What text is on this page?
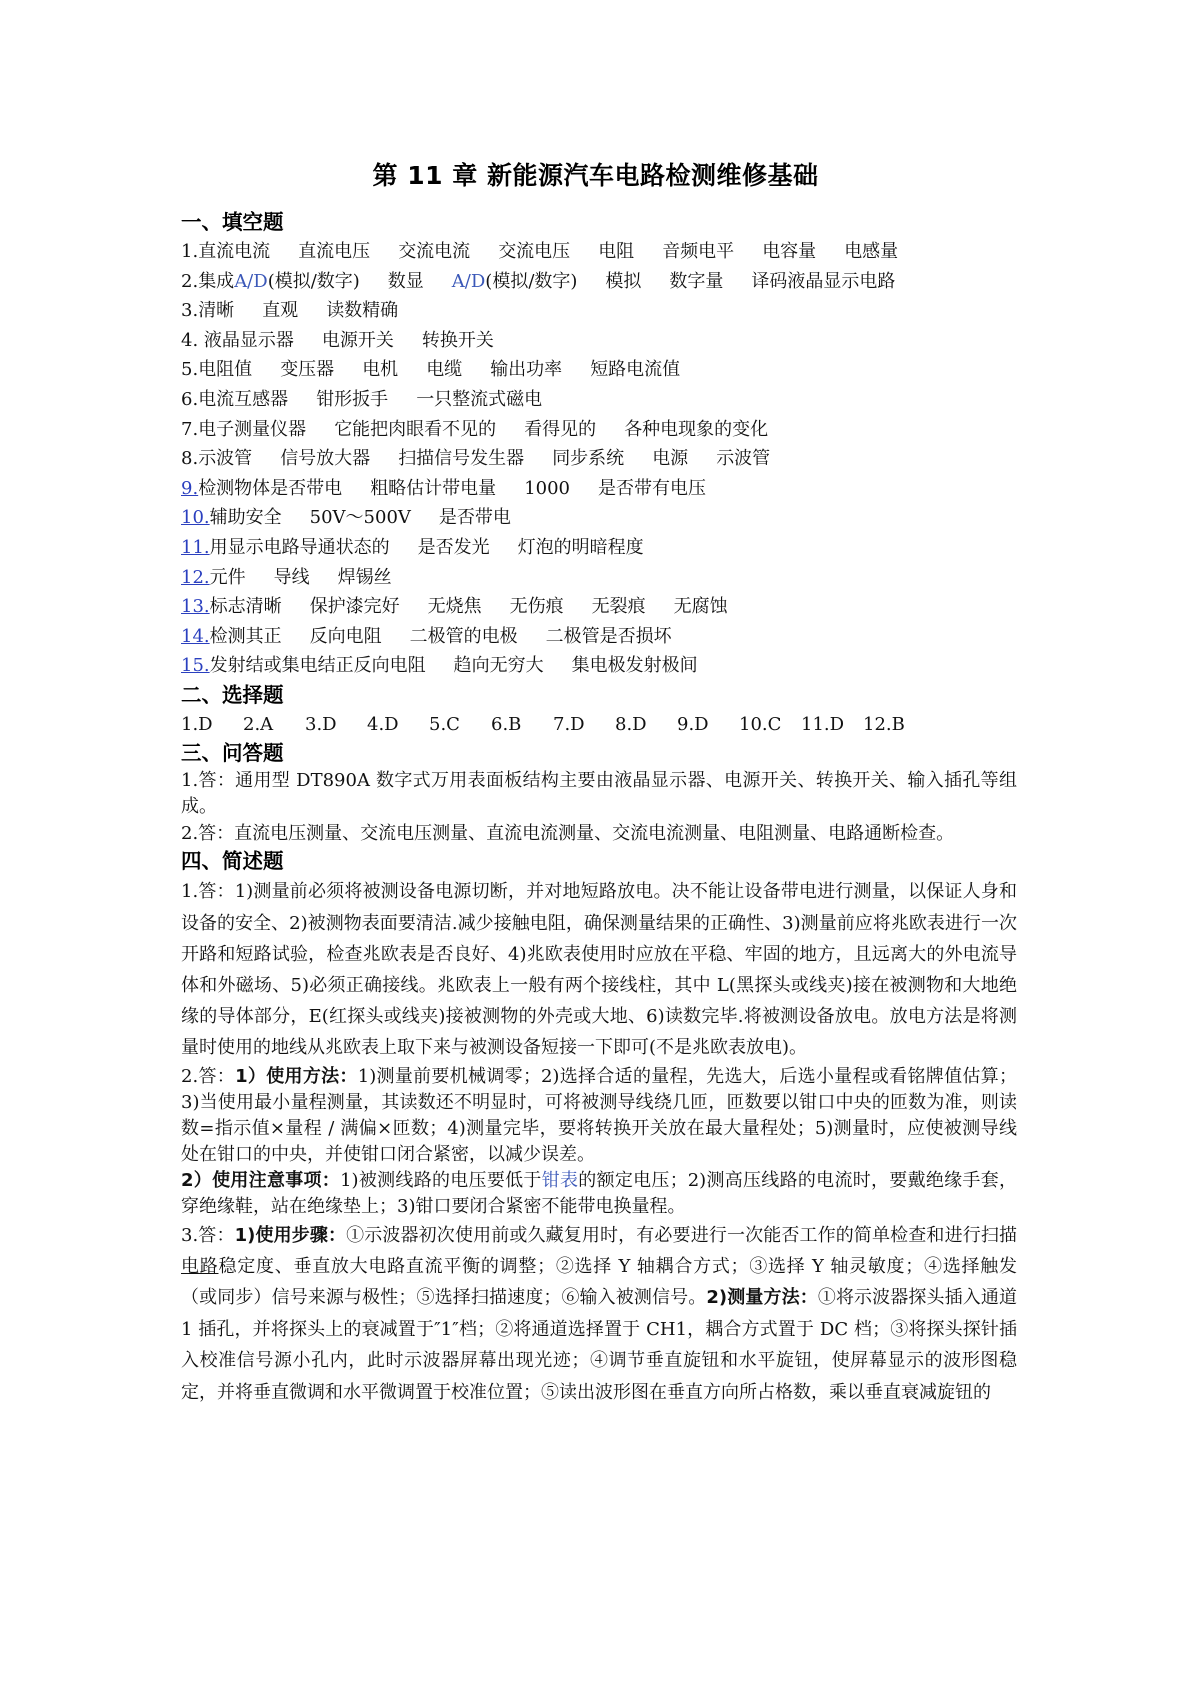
第 11 章 新能源汽车电路检测维修基础
一、填空题
1.直流电流 直流电压 交流电流 交流电压 电阻 音频电平 电容量 电感量
2.集成A/D(模拟/数字) 数显 A/D(模拟/数字) 模拟 数字量 译码液晶显示电路
3.清晰 直观 读数精确
4. 液晶显示器 电源开关 转换开关
5.电阻值 变压器 电机 电缆 输出功率 短路电流值
6.电流互感器 钳形扳手 一只整流式磁电
7.电子测量仪器 它能把肉眼看不见的 看得见的 各种电现象的变化
8.示波管 信号放大器 扫描信号发生器 同步系统 电源 示波管
9.检测物体是否带电 粗略估计带电量 1000 是否带有电压
10.辅助安全 50V～500V 是否带电
11.用显示电路导通状态的 是否发光 灯泡的明暗程度
12.元件 导线 焊锡丝
13.标志清晰 保护漆完好 无烧焦 无伤痕 无裂痕 无腐蚀
14.检测其正 反向电阻 二极管的电极 二极管是否损坏
15.发射结或集电结正反向电阻 趋向无穷大 集电极发射极间
二、选择题
1.D 2.A 3.D 4.D 5.C 6.B 7.D 8.D 9.D 10.C 11.D 12.B
三、问答题
1.答：通用型 DT890A 数字式万用表面板结构主要由液晶显示器、电源开关、转换开关、输入插孔等组成。
2.答：直流电压测量、交流电压测量、直流电流测量、交流电流测量、电阻测量、电路通断检查。
四、简述题
1.答：1)测量前必须将被测设备电源切断，并对地短路放电。决不能让设备带电进行测量，以保证人身和设备的安全、2)被测物表面要清洁.减少接触电阻，确保测量结果的正确性、3)测量前应将兆欧表进行一次开路和短路试验，检查兆欧表是否良好、4)兆欧表使用时应放在平稳、牢固的地方，且远离大的外电流导体和外磁场、5)必须正确接线。兆欧表上一般有两个接线柱，其中 L(黑探头或线夹)接在被测物和大地绝缘的导体部分，E(红探头或线夹)接被测物的外壳或大地、6)读数完毕.将被测设备放电。放电方法是将测量时使用的地线从兆欧表上取下来与被测设备短接一下即可(不是兆欧表放电)。
2.答：1）使用方法：1)测量前要机械调零；2)选择合适的量程，先选大，后选小量程或看铭牌值估算；3)当使用最小量程测量，其读数还不明显时，可将被测导线绕几匝，匝数要以钳口中央的匝数为准，则读数=指示值×量程 / 满偏×匝数；4)测量完毕，要将转换开关放在最大量程处；5)测量时，应使被测导线处在钳口的中央，并使钳口闭合紧密，以减少误差。
2）使用注意事项：1)被测线路的电压要低于钳表的额定电压；2)测高压线路的电流时，要戴绝缘手套，穿绝缘鞋，站在绝缘垫上；3)钳口要闭合紧密不能带电换量程。
3.答：1)使用步骤：①示波器初次使用前或久藏复用时，有必要进行一次能否工作的简单检查和进行扫描电路稳定度、垂直放大电路直流平衡的调整；②选择 Y 轴耦合方式；③选择 Y 轴灵敏度；④选择触发（或同步）信号来源与极性；⑤选择扫描速度；⑥输入被测信号。2)测量方法：①将示波器探头插入通道 1 插孔，并将探头上的衰减置于″1″档；②将通道选择置于 CH1，耦合方式置于 DC 档；③将探头探针插入校准信号源小孔内，此时示波器屏幕出现光迹；④调节垂直旋钮和水平旋钮，使屏幕显示的波形图稳定，并将垂直微调和水平微调置于校准位置；⑤读出波形图在垂直方向所占格数，乘以垂直衰减旋钮的
